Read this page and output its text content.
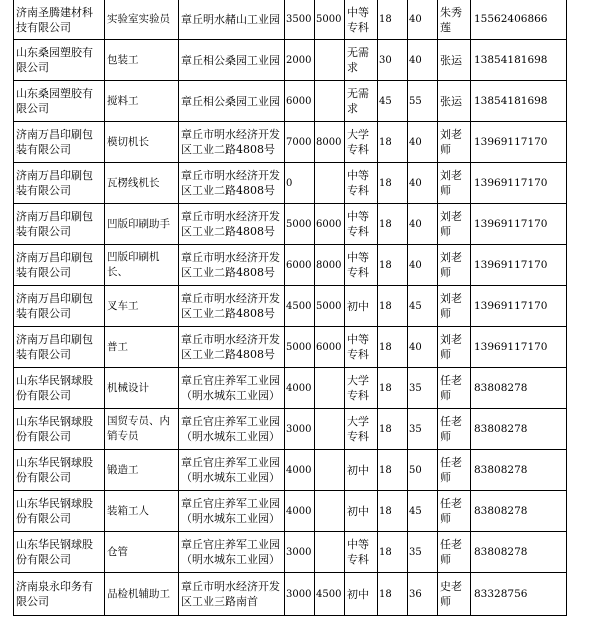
济南圣腾建材科技有限公司	实验室实验员	章丘明水赭山工业园	3500	5000	中等专科	18	40	朱秀莲	15562406866
山东桑园塑胶有限公司	包装工	章丘相公桑园工业园	2000		无需求	30	40	张运	13854181698
山东桑园塑胶有限公司	搅料工	章丘相公桑园工业园	6000		无需求	45	55	张运	13854181698
济南万昌印刷包装有限公司	模切机长	章丘市明水经济开发区工业二路4808号	7000	8000	大学专科	18	40	刘老师	13969117170
济南万昌印刷包装有限公司	瓦楞线机长	章丘市明水经济开发区工业二路4808号	0		中等专科	18	40	刘老师	13969117170
济南万昌印刷包装有限公司	凹版印刷助手	章丘市明水经济开发区工业二路4808号	5000	6000	中等专科	18	40	刘老师	13969117170
济南万昌印刷包装有限公司	凹版印刷机长、	章丘市明水经济开发区工业二路4808号	6000	8000	中等专科	18	40	刘老师	13969117170
济南万昌印刷包装有限公司	叉车工	章丘市明水经济开发区工业二路4808号	4500	5000	初中	18	45	刘老师	13969117170
济南万昌印刷包装有限公司	普工	章丘市明水经济开发区工业二路4808号	5000	6000	中等专科	18	40	刘老师	13969117170
山东华民钢球股份有限公司	机械设计	章丘官庄养军工业园（明水城东工业园）	4000		大学专科	18	35	任老师	83808278
山东华民钢球股份有限公司	国贸专员、内销专员	章丘官庄养军工业园（明水城东工业园）	3000		大学专科	18	35	任老师	83808278
山东华民钢球股份有限公司	锻造工	章丘官庄养军工业园（明水城东工业园）	4000		初中	18	50	任老师	83808278
山东华民钢球股份有限公司	装箱工人	章丘官庄养军工业园（明水城东工业园）	4000		初中	18	45	任老师	83808278
山东华民钢球股份有限公司	仓管	章丘官庄养军工业园（明水城东工业园）	3000		中等专科	18	35	任老师	83808278
济南泉永印务有限公司	品检机辅助工	章丘市明水经济开发区工业三路南首	3000	4500	初中	18	36	史老师	83328756
